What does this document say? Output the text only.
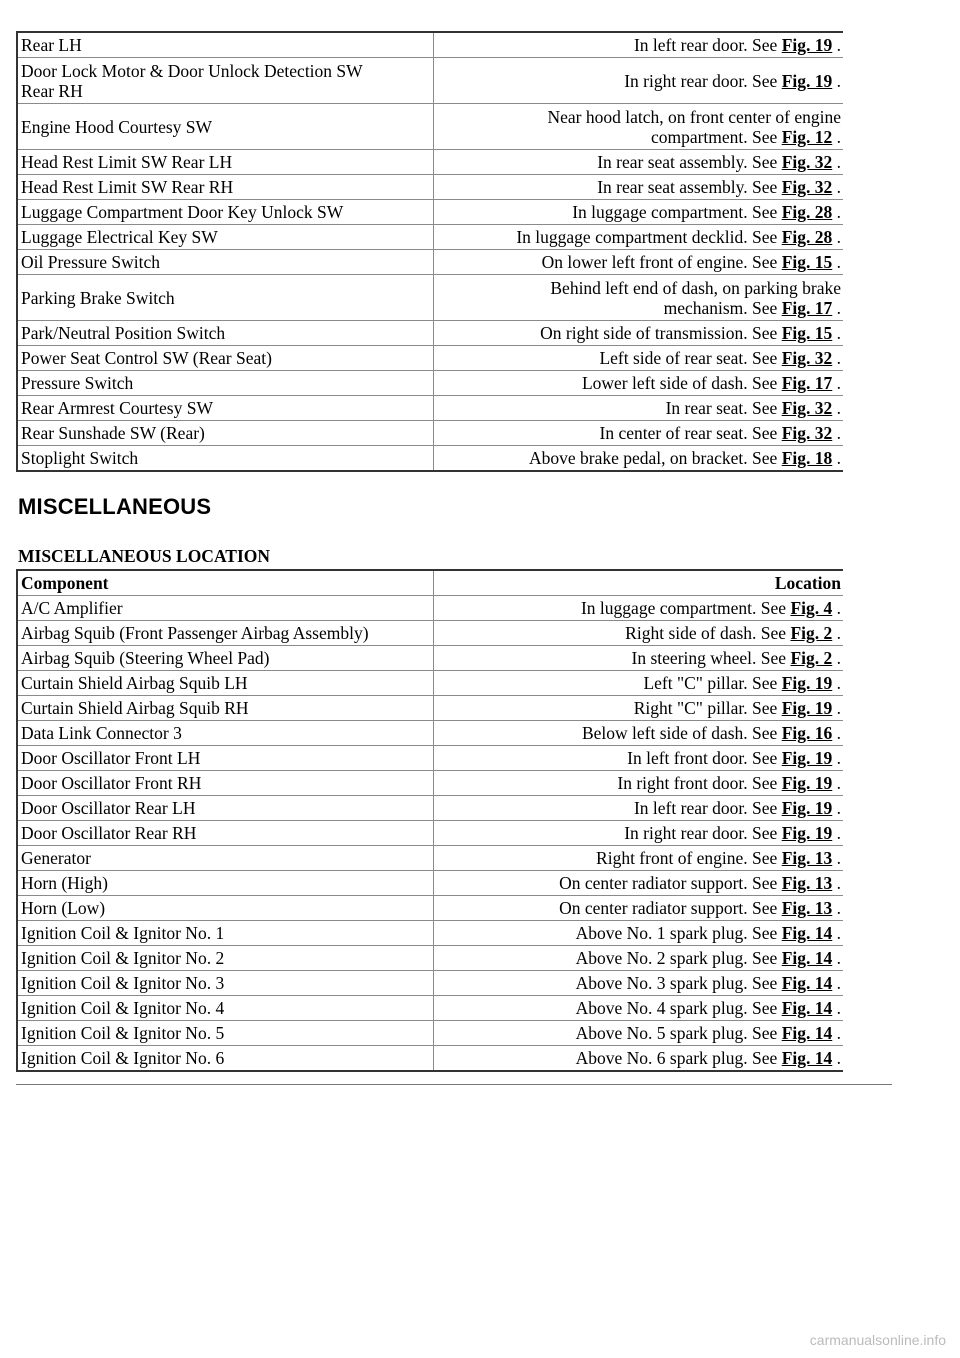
Rear LH	In left rear door. See Fig. 19 .
Door Lock Motor & Door Unlock Detection SW
Rear RH	In right rear door. See Fig. 19 .
Engine Hood Courtesy SW	Near hood latch, on front center of engine
compartment. See Fig. 12 .
Head Rest Limit SW Rear LH	In rear seat assembly. See Fig. 32 .
Head Rest Limit SW Rear RH	In rear seat assembly. See Fig. 32 .
Luggage Compartment Door Key Unlock SW	In luggage compartment. See Fig. 28 .
Luggage Electrical Key SW	In luggage compartment decklid. See Fig. 28 .
Oil Pressure Switch	On lower left front of engine. See Fig. 15 .
Parking Brake Switch	Behind left end of dash, on parking brake
mechanism. See Fig. 17 .
Park/Neutral Position Switch	On right side of transmission. See Fig. 15 .
Power Seat Control SW (Rear Seat)	Left side of rear seat. See Fig. 32 .
Pressure Switch	Lower left side of dash. See Fig. 17 .
Rear Armrest Courtesy SW	In rear seat. See Fig. 32 .
Rear Sunshade SW (Rear)	In center of rear seat. See Fig. 32 .
Stoplight Switch	Above brake pedal, on bracket. See Fig. 18 .
MISCELLANEOUS
MISCELLANEOUS LOCATION
Component	Location
A/C Amplifier	In luggage compartment. See Fig. 4 .
Airbag Squib (Front Passenger Airbag Assembly)	Right side of dash. See Fig. 2 .
Airbag Squib (Steering Wheel Pad)	In steering wheel. See Fig. 2 .
Curtain Shield Airbag Squib LH	Left "C" pillar. See Fig. 19 .
Curtain Shield Airbag Squib RH	Right "C" pillar. See Fig. 19 .
Data Link Connector 3	Below left side of dash. See Fig. 16 .
Door Oscillator Front LH	In left front door. See Fig. 19 .
Door Oscillator Front RH	In right front door. See Fig. 19 .
Door Oscillator Rear LH	In left rear door. See Fig. 19 .
Door Oscillator Rear RH	In right rear door. See Fig. 19 .
Generator	Right front of engine. See Fig. 13 .
Horn (High)	On center radiator support. See Fig. 13 .
Horn (Low)	On center radiator support. See Fig. 13 .
Ignition Coil & Ignitor No. 1	Above No. 1 spark plug. See Fig. 14 .
Ignition Coil & Ignitor No. 2	Above No. 2 spark plug. See Fig. 14 .
Ignition Coil & Ignitor No. 3	Above No. 3 spark plug. See Fig. 14 .
Ignition Coil & Ignitor No. 4	Above No. 4 spark plug. See Fig. 14 .
Ignition Coil & Ignitor No. 5	Above No. 5 spark plug. See Fig. 14 .
Ignition Coil & Ignitor No. 6	Above No. 6 spark plug. See Fig. 14 .
carmanualsonline.info
